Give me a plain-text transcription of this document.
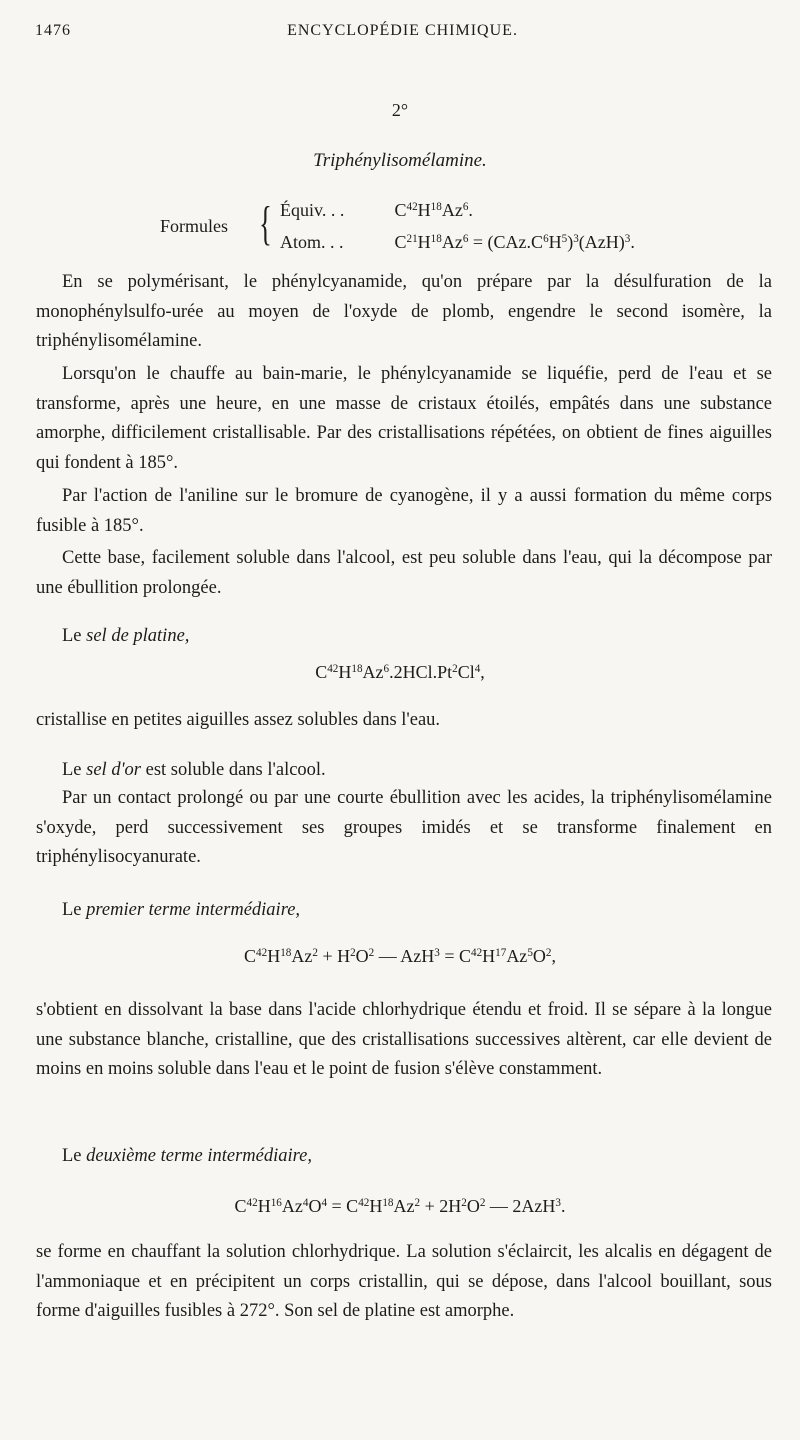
1476	ENCYCLOPÉDIE CHIMIQUE.
2°
Triphénylisomélamine.
Formules { Équiv. . .	$C^{42}H^{18}Az^6$.
Atom. . .	$C^{21}H^{18}Az^6 = (CAz.C^6H^5)^3(AzH)^3$.

En se polymérisant, le phénylcyanamide, qu'on prépare par la désulfuration de la monophénylsulfo-urée au moyen de l'oxyde de plomb, engendre le second isomère, la triphénylisomélamine.

Lorsqu'on le chauffe au bain-marie, le phénylcyanamide se liquéfie, perd de l'eau et se transforme, après une heure, en une masse de cristaux étoilés, empâtés dans une substance amorphe, difficilement cristallisable. Par des cristallisations répétées, on obtient de fines aiguilles qui fondent à 185°.

Par l'action de l'aniline sur le bromure de cyanogène, il y a aussi formation du même corps fusible à 185°.

Cette base, facilement soluble dans l'alcool, est peu soluble dans l'eau, qui la décompose par une ébullition prolongée.

Le sel de platine,

$C^{42}H^{18}Az^6.2HCl.Pt^2Cl^4$,

cristallise en petites aiguilles assez solubles dans l'eau.

Le sel d'or est soluble dans l'alcool.

Par un contact prolongé ou par une courte ébullition avec les acides, la triphénylisomélamine s'oxyde, perd successivement ses groupes imidés et se transforme finalement en triphénylisocyanurate.

Le premier terme intermédiaire,

$C^{42}H^{18}Az^2 + H^2O^2$ — $AzH^3 = C^{42}H^{17}Az^5O^2$,

s'obtient en dissolvant la base dans l'acide chlorhydrique étendu et froid. Il se sépare à la longue une substance blanche, cristalline, que des cristallisations successives altèrent, car elle devient de moins en moins soluble dans l'eau et le point de fusion s'élève constamment.

Le deuxième terme intermédiaire,

$C^{42}H^{16}Az^4O^4 = C^{42}H^{18}Az^2 + 2H^2O^2$ — 2AzH$^3$.

se forme en chauffant la solution chlorhydrique. La solution s'éclaircit, les alcalis en dégagent de l'ammoniaque et en précipitent un corps cristallin, qui se dépose, dans l'alcool bouillant, sous forme d'aiguilles fusibles à 272°. Son sel de platine est amorphe.
